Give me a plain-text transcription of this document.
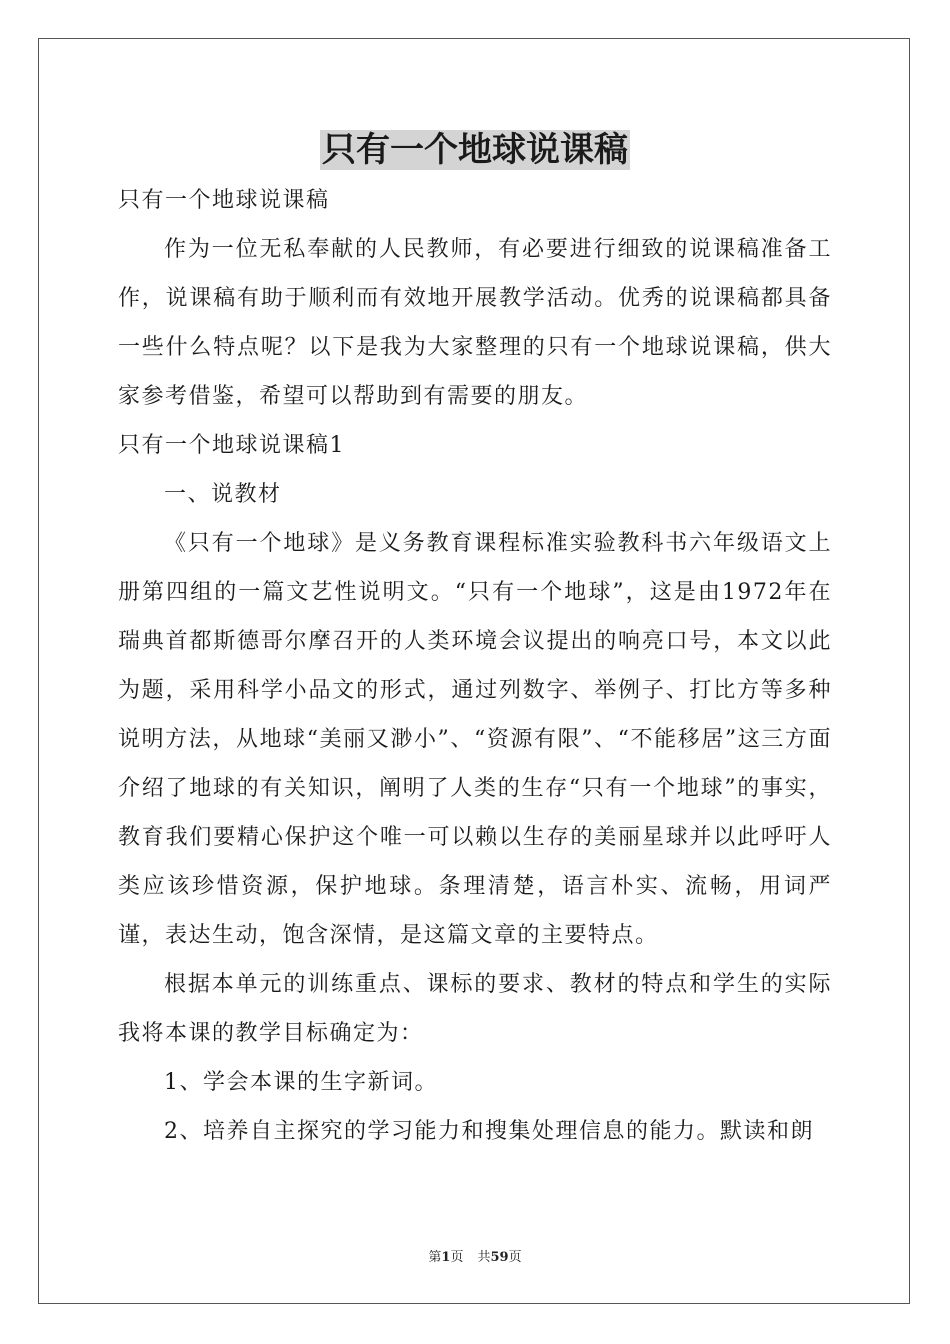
只有一个地球说课稿

只有一个地球说课稿

作为一位无私奉献的人民教师，有必要进行细致的说课稿准备工作，说课稿有助于顺利而有效地开展教学活动。优秀的说课稿都具备一些什么特点呢？以下是我为大家整理的只有一个地球说课稿，供大家参考借鉴，希望可以帮助到有需要的朋友。

只有一个地球说课稿1

一、说教材

《只有一个地球》是义务教育课程标准实验教科书六年级语文上册第四组的一篇文艺性说明文。“只有一个地球”，这是由1972年在瑞典首都斯德哥尔摩召开的人类环境会议提出的响亮口号，本文以此为题，采用科学小品文的形式，通过列数字、举例子、打比方等多种说明方法，从地球“美丽又渺小”、“资源有限”、“不能移居”这三方面介绍了地球的有关知识，阐明了人类的生存“只有一个地球”的事实，教育我们要精心保护这个唯一可以赖以生存的美丽星球并以此呼吁人类应该珍惜资源，保护地球。条理清楚，语言朴实、流畅，用词严谨，表达生动，饱含深情，是这篇文章的主要特点。

根据本单元的训练重点、课标的要求、教材的特点和学生的实际我将本课的教学目标确定为：

1、学会本课的生字新词。

2、培养自主探究的学习能力和搜集处理信息的能力。默读和朗

第1页 共59页
